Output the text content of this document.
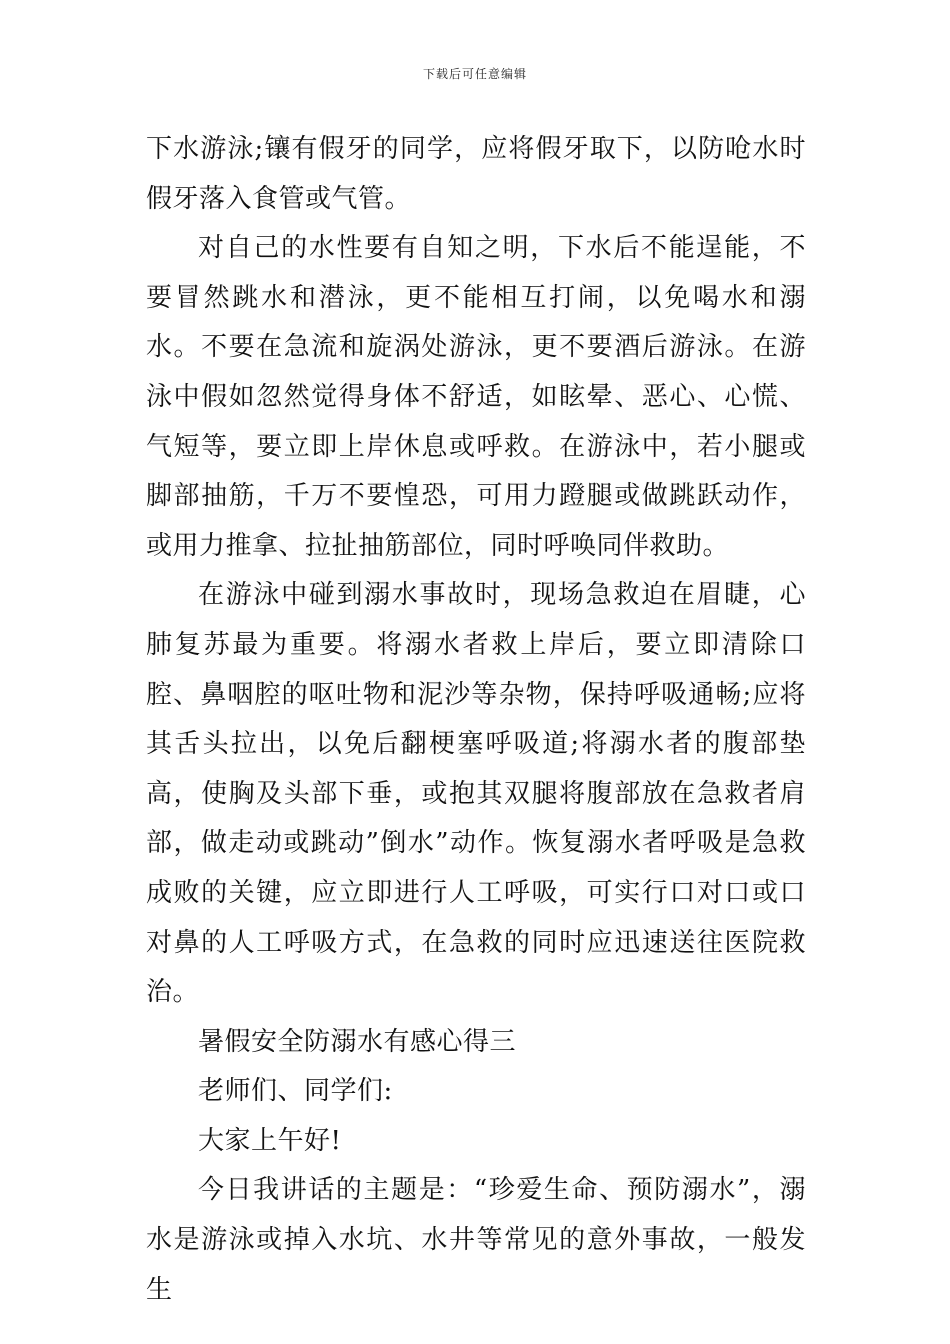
下载后可任意编辑

下水游泳;镶有假牙的同学，应将假牙取下，以防呛水时假牙落入食管或气管。

对自己的水性要有自知之明，下水后不能逞能，不要冒然跳水和潜泳，更不能相互打闹，以免喝水和溺水。不要在急流和旋涡处游泳，更不要酒后游泳。在游泳中假如忽然觉得身体不舒适，如眩晕、恶心、心慌、气短等，要立即上岸休息或呼救。在游泳中，若小腿或脚部抽筋，千万不要惶恐，可用力蹬腿或做跳跃动作，或用力推拿、拉扯抽筋部位，同时呼唤同伴救助。

在游泳中碰到溺水事故时，现场急救迫在眉睫，心肺复苏最为重要。将溺水者救上岸后，要立即清除口腔、鼻咽腔的呕吐物和泥沙等杂物，保持呼吸通畅;应将其舌头拉出，以免后翻梗塞呼吸道;将溺水者的腹部垫高，使胸及头部下垂，或抱其双腿将腹部放在急救者肩部，做走动或跳动”倒水”动作。恢复溺水者呼吸是急救成败的关键，应立即进行人工呼吸，可实行口对口或口对鼻的人工呼吸方式，在急救的同时应迅速送往医院救治。

暑假安全防溺水有感心得三

老师们、同学们:

大家上午好!

今日我讲话的主题是：“珍爱生命、预防溺水”，溺水是游泳或掉入水坑、水井等常见的意外事故，一般发生
